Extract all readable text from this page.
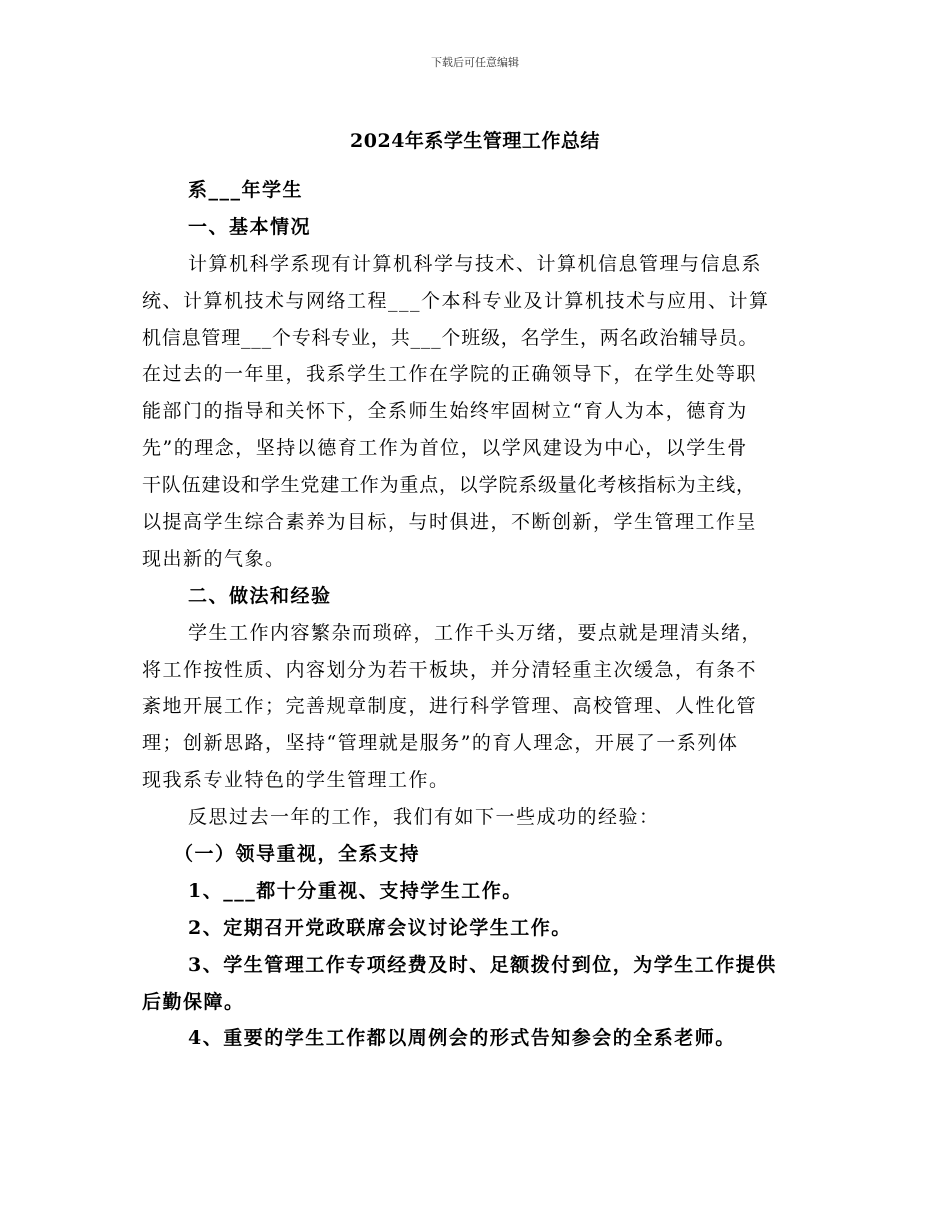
下载后可任意编辑
2024年系学生管理工作总结
系___年学生
一、基本情况
计算机科学系现有计算机科学与技术、计算机信息管理与信息系
统、计算机技术与网络工程___个本科专业及计算机技术与应用、计算
机信息管理___个专科专业，共___个班级，名学生，两名政治辅导员。
在过去的一年里，我系学生工作在学院的正确领导下，在学生处等职
能部门的指导和关怀下，全系师生始终牢固树立“育人为本，德育为
先”的理念，坚持以德育工作为首位，以学风建设为中心，以学生骨
干队伍建设和学生党建工作为重点，以学院系级量化考核指标为主线，
以提高学生综合素养为目标，与时俱进，不断创新，学生管理工作呈
现出新的气象。
二、做法和经验
学生工作内容繁杂而琐碎，工作千头万绪，要点就是理清头绪，
将工作按性质、内容划分为若干板块，并分清轻重主次缓急，有条不
紊地开展工作；完善规章制度，进行科学管理、高校管理、人性化管
理；创新思路，坚持“管理就是服务”的育人理念，开展了一系列体
现我系专业特色的学生管理工作。
反思过去一年的工作，我们有如下一些成功的经验：
（一）领导重视，全系支持
1、___都十分重视、支持学生工作。
2、定期召开党政联席会议讨论学生工作。
3、学生管理工作专项经费及时、足额拨付到位，为学生工作提供
后勤保障。
4、重要的学生工作都以周例会的形式告知参会的全系老师。
